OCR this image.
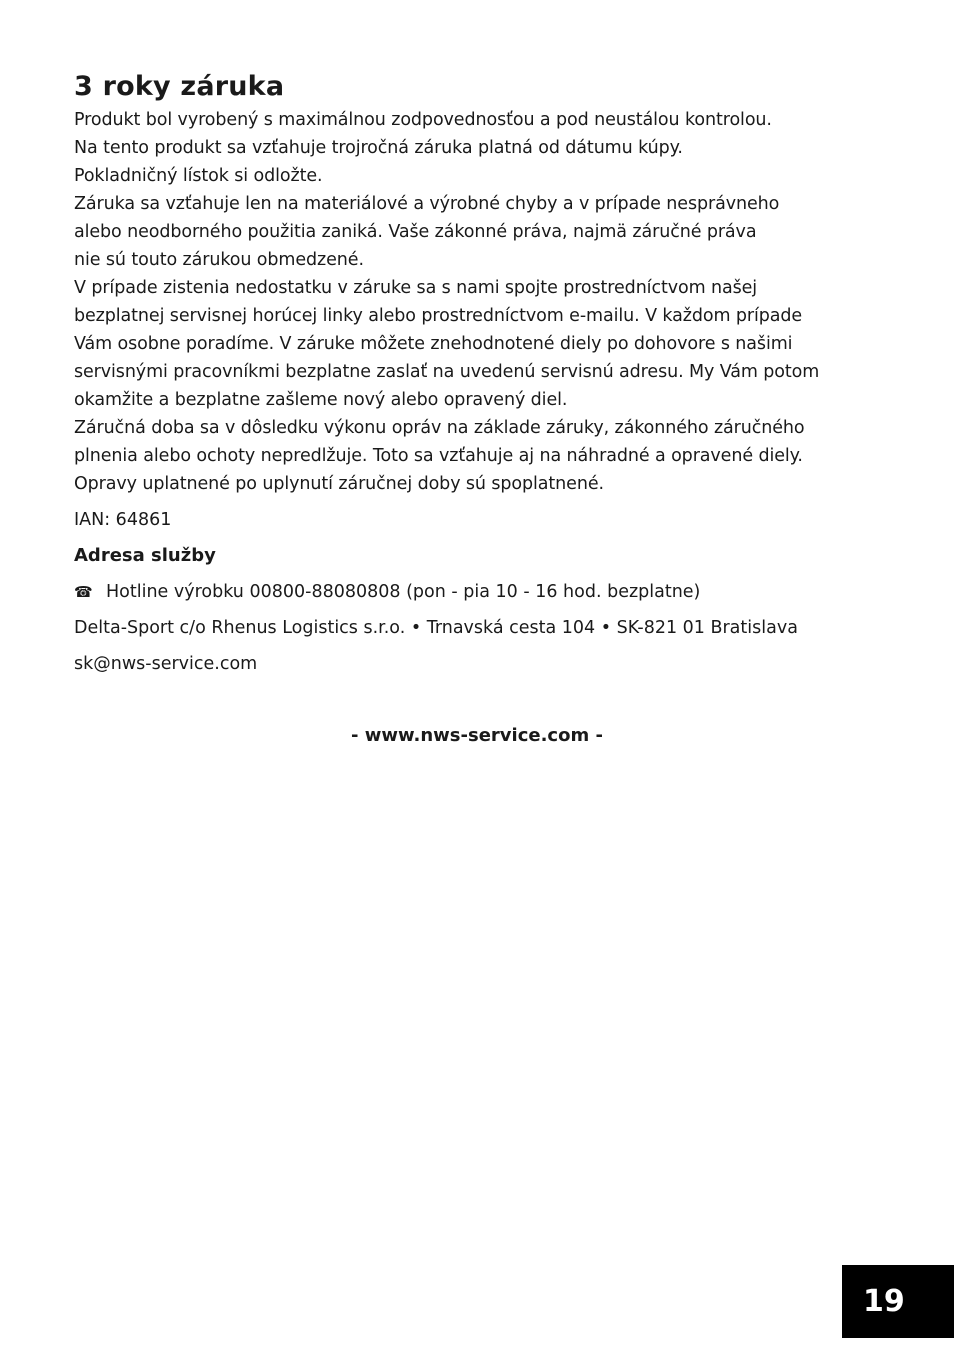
3 roky záruka

Produkt bol vyrobený s maximálnou zodpovednosťou a pod neustálou kontrolou.
Na tento produkt sa vzťahuje trojročná záruka platná od dátumu kúpy.
Pokladničný lístok si odložte.
Záruka sa vzťahuje len na materiálové a výrobné chyby a v prípade nesprávneho
alebo neodborného použitia zaniká. Vaše zákonné práva, najmä záručné práva
nie sú touto zárukou obmedzené.
V prípade zistenia nedostatku v záruke sa s nami spojte prostredníctvom našej
bezplatnej servisnej horúcej linky alebo prostredníctvom e-mailu. V každom prípade
Vám osobne poradíme. V záruke môžete znehodnotené diely po dohovore s našimi
servisnými pracovníkmi bezplatne zaslať na uvedenú servisnú adresu. My Vám potom
okamžite a bezplatne zašleme nový alebo opravený diel.
Záručná doba sa v dôsledku výkonu opráv na základe záruky, zákonného záručného
plnenia alebo ochoty nepredlžuje. Toto sa vzťahuje aj na náhradné a opravené diely.
Opravy uplatnené po uplynutí záručnej doby sú spoplatnené.

IAN: 64861
Adresa služby
☎ Hotline výrobku 00800-88080808 (pon - pia 10 - 16 hod. bezplatne)
Delta-Sport c/o Rhenus Logistics s.r.o. • Trnavská cesta 104 • SK-821 01 Bratislava
sk@nws-service.com
- www.nws-service.com -
19
